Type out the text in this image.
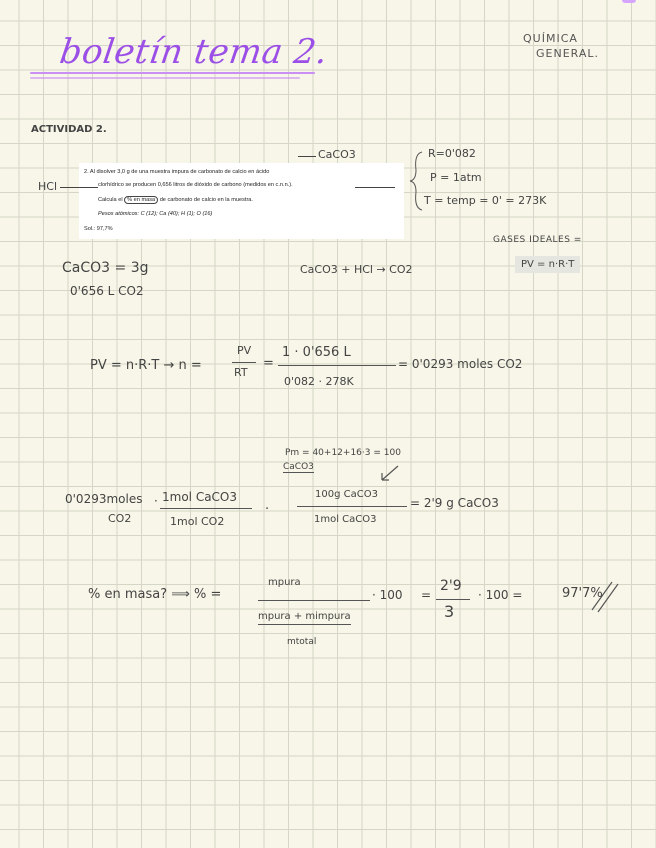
boletín tema 2.	QUÍMICA
GENERAL.
ACTIVIDAD 2.

2. Al disolver 3,0 g de una muestra impura de carbonato de calcio en ácido

clorhídrico se producen 0,656 litros de dióxido de carbono (medidos en c.n.n.).

Calcula el % en masa de carbonato de calcio en la muestra.

Pesos atómicos: C (12); Ca (40); H (1); O (16)

Sol.: 97,7%

CaCO3
HCl
R=0'082
P = 1atm
T = temp = 0' = 273K
GASES IDEALES =
PV = n·R·T
CaCO3 = 3g
0'656 L CO2
CaCO3 + HCl → CO2
PV = n·R·T → n =
PV
RT
=
1 · 0'656 L
0'082 · 278K
= 0'0293 moles CO2
Pm = 40+12+16·3 = 100
CaCO3
0'0293moles
CO2
· 1mol CaCO3
1mol CO2
·
100g CaCO3
1mol CaCO3
= 2'9 g CaCO3
% en masa? ⟹ % =
mpura
mpura + mimpura
mtotal
· 100 =
2'9
3
· 100 =	97'7%
